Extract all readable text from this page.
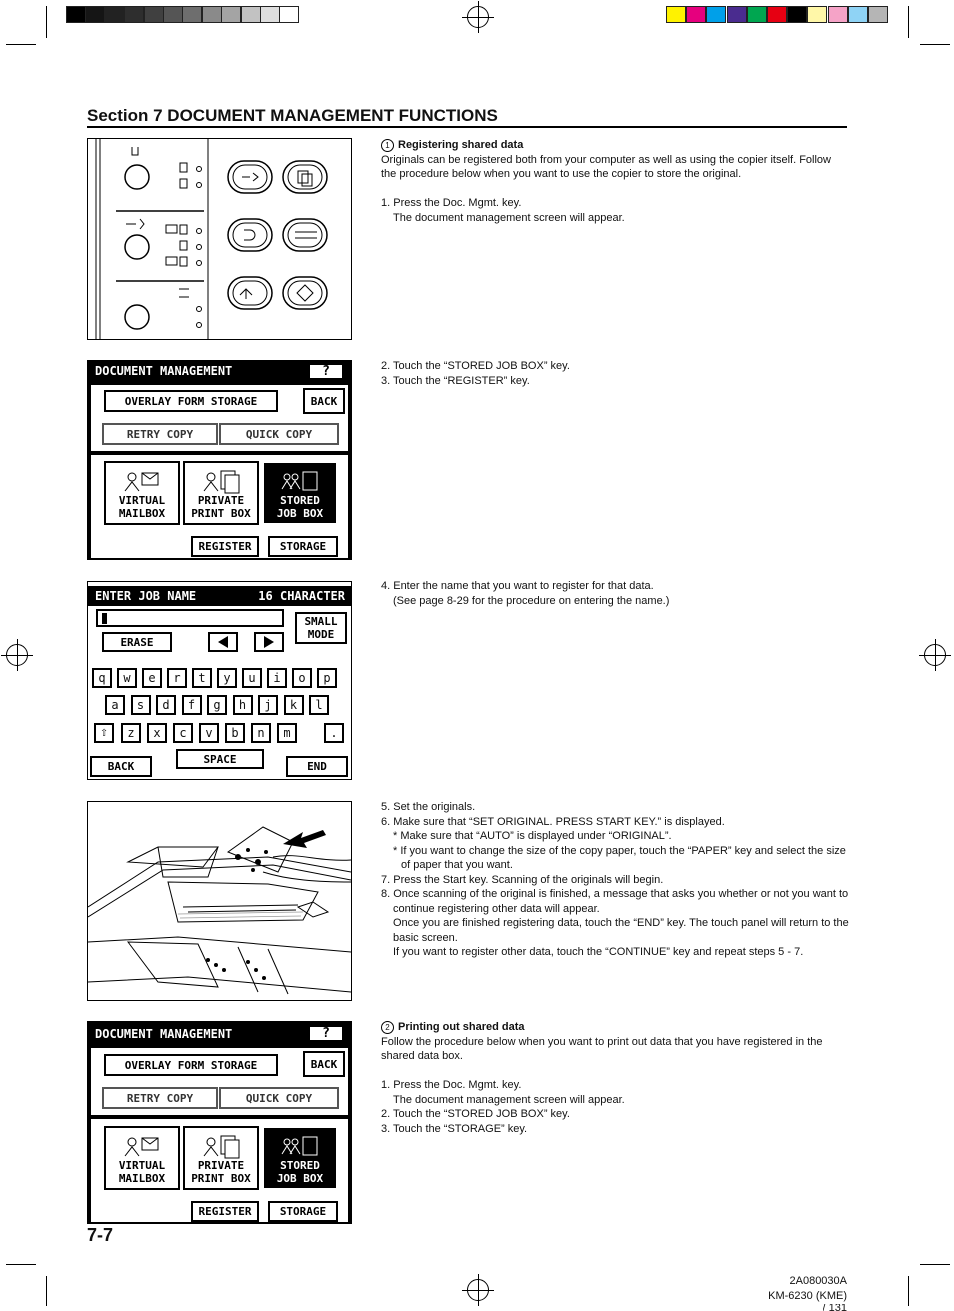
Section 7 DOCUMENT MANAGEMENT FUNCTIONS

1 Registering shared data

Originals can be registered both from your computer as well as using the copier itself. Follow the procedure below when you want to use the copier to store the original.

1. Press the Doc. Mgmt. key.

The document management screen will appear.

DOCUMENT MANAGEMENT	?
OVERLAY FORM STORAGE	BACK
RETRY COPY	QUICK COPY
VIRTUAL MAILBOX
PRIVATE PRINT BOX
STORED JOB BOX
REGISTER	STORAGE

2. Touch the “STORED JOB BOX” key.

3. Touch the “REGISTER” key.

ENTER JOB NAME	16 CHARACTER
ERASE
SMALL
MODE
⇧	.
SPACE
BACK	END
q	w	e	r	t	y	u	i	o	p
a	s	d	f	g	h	j	k	l
z	x	c	v	b	n	m

4. Enter the name that you want to register for that data.

(See page 8-29 for the procedure on entering the name.)

5. Set the originals.

6. Make sure that “SET ORIGINAL. PRESS START KEY.” is displayed.

* Make sure that “AUTO” is displayed under “ORIGINAL”.

* If you want to change the size of the copy paper, touch the “PAPER” key and select the size of paper that you want.

7. Press the Start key. Scanning of the originals will begin.

8. Once scanning of the original is finished, a message that asks you whether or not you want to continue registering other data will appear.

Once you are finished registering data, touch the “END” key. The touch panel will return to the basic screen.

If you want to register other data, touch the “CONTINUE” key and repeat steps 5 - 7.

DOCUMENT MANAGEMENT	?
OVERLAY FORM STORAGE	BACK
RETRY COPY	QUICK COPY
VIRTUAL MAILBOX
PRIVATE PRINT BOX
STORED JOB BOX
REGISTER	STORAGE

2 Printing out shared data

Follow the procedure below when you want to print out data that you have registered in the shared data box.

1. Press the Doc. Mgmt. key.

The document management screen will appear.

2. Touch the “STORED JOB BOX” key.

3. Touch the “STORAGE” key.

7-7
2A080030A
KM-6230 (KME)
/ 131
